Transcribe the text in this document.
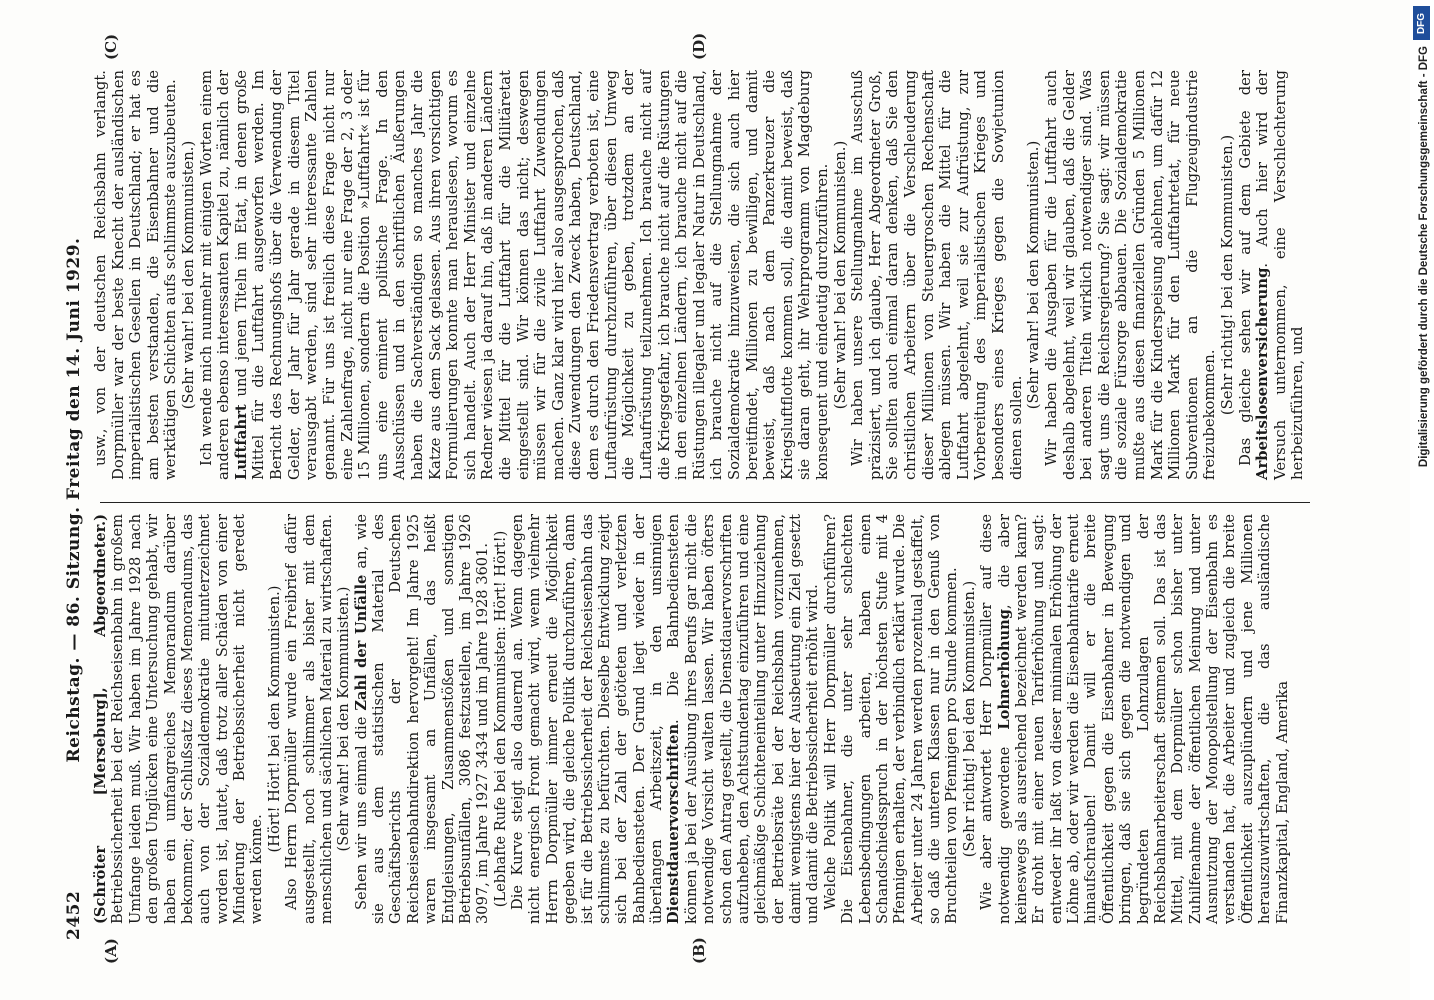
2452
Reichstag. — 86. Sitzung. Freitag den 14. Juni 1929.
(A)	(B)
(C)	(D)

(Schröter [Merseburg], Abgeordneter.) Betriebssicherheit bei der Reichseisenbahn in großem Umfange leiden muß. Wir haben im Jahre 1928 nach den großen Unglücken eine Untersuchung gehabt, wir haben ein umfangreiches Memorandum darüber bekommen; der Schlußsatz dieses Memorandums, das auch von der Sozialdemokratie mitunterzeichnet worden ist, lautet, daß trotz aller Schäden von einer Minderung der Betriebssicherheit nicht geredet werden könne.

(Hört! Hört! bei den Kommunisten.) Also Herrn Dorpmüller wurde ein Freibrief dafür ausgestellt, noch schlimmer als bisher mit dem menschlichen und sächlichen Material zu wirtschaften. (Sehr wahr! bei den Kommunisten.) Sehen wir uns einmal die Zahl der Unfälle an, wie sie aus dem statistischen Material des Geschäftsberichts der Deutschen Reichseisenbahndirektion hervorgeht! Im Jahre 1925 waren insgesamt an Unfällen, das heißt Entgleisungen, Zusammenstößen und sonstigen Betriebsunfällen, 3086 festzustellen, im Jahre 1926 3097, im Jahre 1927 3434 und im Jahre 1928 3601. (Lebhafte Rufe bei den Kommunisten: Hört! Hört!) Die Kurve steigt also dauernd an. Wenn dagegen nicht energisch Front gemacht wird, wenn vielmehr Herrn Dorpmüller immer erneut die Möglichkeit gegeben wird, die gleiche Politik durchzuführen, dann ist für die Betriebssicherheit der Reichseisenbahn das schlimmste zu befürchten. Dieselbe Entwicklung zeigt sich bei der Zahl der getöteten und verletzten Bahnbediensteten. Der Grund liegt wieder in der überlangen Arbeitszeit, in den unsinnigen Dienstdauervorschriften. Die Bahnbediensteten können ja bei der Ausübung ihres Berufs gar nicht die notwendige Vorsicht walten lassen. Wir haben öfters schon den Antrag gestellt, die Dienstdauervorschriften aufzuheben, den Achtstundentag einzuführen und eine gleichmäßige Schichteneinteilung unter Hinzuziehung der Betriebsräte bei der Reichsbahn vorzunehmen, damit wenigstens hier der Ausbeutung ein Ziel gesetzt und damit die Betriebssicherheit erhöht wird. Welche Politik will Herr Dorpmüller durchführen? Die Eisenbahner, die unter sehr schlechten Lebensbedingungen arbeiten, haben einen Schandschiedsspruch in der höchsten Stufe mit 4 Pfennigen erhalten, der verbindlich erklärt wurde. Die Arbeiter unter 24 Jahren werden prozentual gestaffelt, so daß die unteren Klassen nur in den Genuß von Bruchteilen von Pfennigen pro Stunde kommen. (Sehr richtig! bei den Kommunisten.) Wie aber antwortet Herr Dorpmüller auf diese notwendig gewordene Lohnerhöhung, die aber keineswegs als ausreichend bezeichnet werden kann? Er droht mit einer neuen Tariferhöhung und sagt: entweder ihr laßt von dieser minimalen Erhöhung der Löhne ab, oder wir werden die Eisenbahntarife erneut hinaufschrauben! Damit will er die breite Öffentlichkeit gegen die Eisenbahner in Bewegung bringen, daß sie sich gegen die notwendigen und begründeten Lohnzulagen der Reichsbahnarbeiterschaft stemmen soll. Das ist das Mittel, mit dem Dorpmüller schon bisher unter Zuhilfenahme der öffentlichen Meinung und unter Ausnutzung der Monopolstellung der Eisenbahn es verstanden hat, die Arbeiter und zugleich die breite Öffentlichkeit auszuplündern und jene Millionen herauszuwirtschaften, die das ausländische Finanzkapital, England, Amerika

usw., von der deutschen Reichsbahn verlangt. Dorpmüller war der beste Knecht der ausländischen imperialistischen Gesellen in Deutschland; er hat es am besten verstanden, die Eisenbahner und die werktätigen Schichten aufs schlimmste auszubeuten. (Sehr wahr! bei den Kommunisten.) Ich wende mich nunmehr mit einigen Worten einem anderen ebenso interessanten Kapitel zu, nämlich der Luftfahrt und jenen Titeln im Etat, in denen große Mittel für die Luftfahrt ausgeworfen werden. Im Bericht des Rechnungshofs über die Verwendung der Gelder, der Jahr für Jahr gerade in diesem Titel verausgabt werden, sind sehr interessante Zahlen genannt. Für uns ist freilich diese Frage nicht nur eine Zahlenfrage, nicht nur eine Frage der 2, 3 oder 15 Millionen, sondern die Position »Luftfahrt« ist für uns eine eminent politische Frage. In den Ausschüssen und in den schriftlichen Äußerungen haben die Sachverständigen so manches Jahr die Katze aus dem Sack gelassen. Aus ihren vorsichtigen Formulierungen konnte man herauslesen, worum es sich handelt. Auch der Herr Minister und einzelne Redner wiesen ja darauf hin, daß in anderen Ländern die Mittel für die Luftfahrt für die Militäretat eingestellt sind. Wir können das nicht; deswegen müssen wir für die zivile Luftfahrt Zuwendungen machen. Ganz klar wird hier also ausgesprochen, daß diese Zuwendungen den Zweck haben, Deutschland, dem es durch den Friedensvertrag verboten ist, eine Luftaufrüstung durchzuführen, über diesen Umweg die Möglichkeit zu geben, trotzdem an der Luftaufrüstung teilzunehmen. Ich brauche nicht auf die Kriegsgefahr, ich brauche nicht auf die Rüstungen in den einzelnen Ländern, ich brauche nicht auf die Rüstungen illegaler und legaler Natur in Deutschland, ich brauche nicht auf die Stellungnahme der Sozialdemokratie hinzuweisen, die sich auch hier bereitfindet, Millionen zu bewilligen, und damit beweist, daß nach dem Panzerkreuzer die Kriegsluftflotte kommen soll, die damit beweist, daß sie daran geht, ihr Wehrprogramm von Magdeburg konsequent und eindeutig durchzuführen. (Sehr wahr! bei den Kommunisten.) Wir haben unsere Stellungnahme im Ausschuß präzisiert, und ich glaube, Herr Abgeordneter Groß, Sie sollten auch einmal daran denken, daß Sie den christlichen Arbeitern über die Verschleuderung dieser Millionen von Steuergroschen Rechenschaft ablegen müssen. Wir haben die Mittel für die Luftfahrt abgelehnt, weil sie zur Aufrüstung, zur Vorbereitung des imperialistischen Krieges und besonders eines Krieges gegen die Sowjetunion dienen sollen.

(Sehr wahr! bei den Kommunisten.) Wir haben die Ausgaben für die Luftfahrt auch deshalb abgelehnt, weil wir glauben, daß die Gelder bei anderen Titeln wirklich notwendiger sind. Was sagt uns die Reichsregierung? Sie sagt: wir müssen die soziale Fürsorge abbauen. Die Sozialdemokratie mußte aus diesen finanziellen Gründen 5 Millionen Mark für die Kinderspeisung ablehnen, um dafür 12 Millionen Mark für den Luftfahrtetat, für neue Subventionen an die Flugzeugindustrie freizubekommen. (Sehr richtig! bei den Kommunisten.) Das gleiche sehen wir auf dem Gebiete der Arbeitslosenversicherung. Auch hier wird der Versuch unternommen, eine Verschlechterung herbeizuführen, und

DFG
Digitalisierung gefördert durch die Deutsche Forschungsgemeinschaft - DFG
